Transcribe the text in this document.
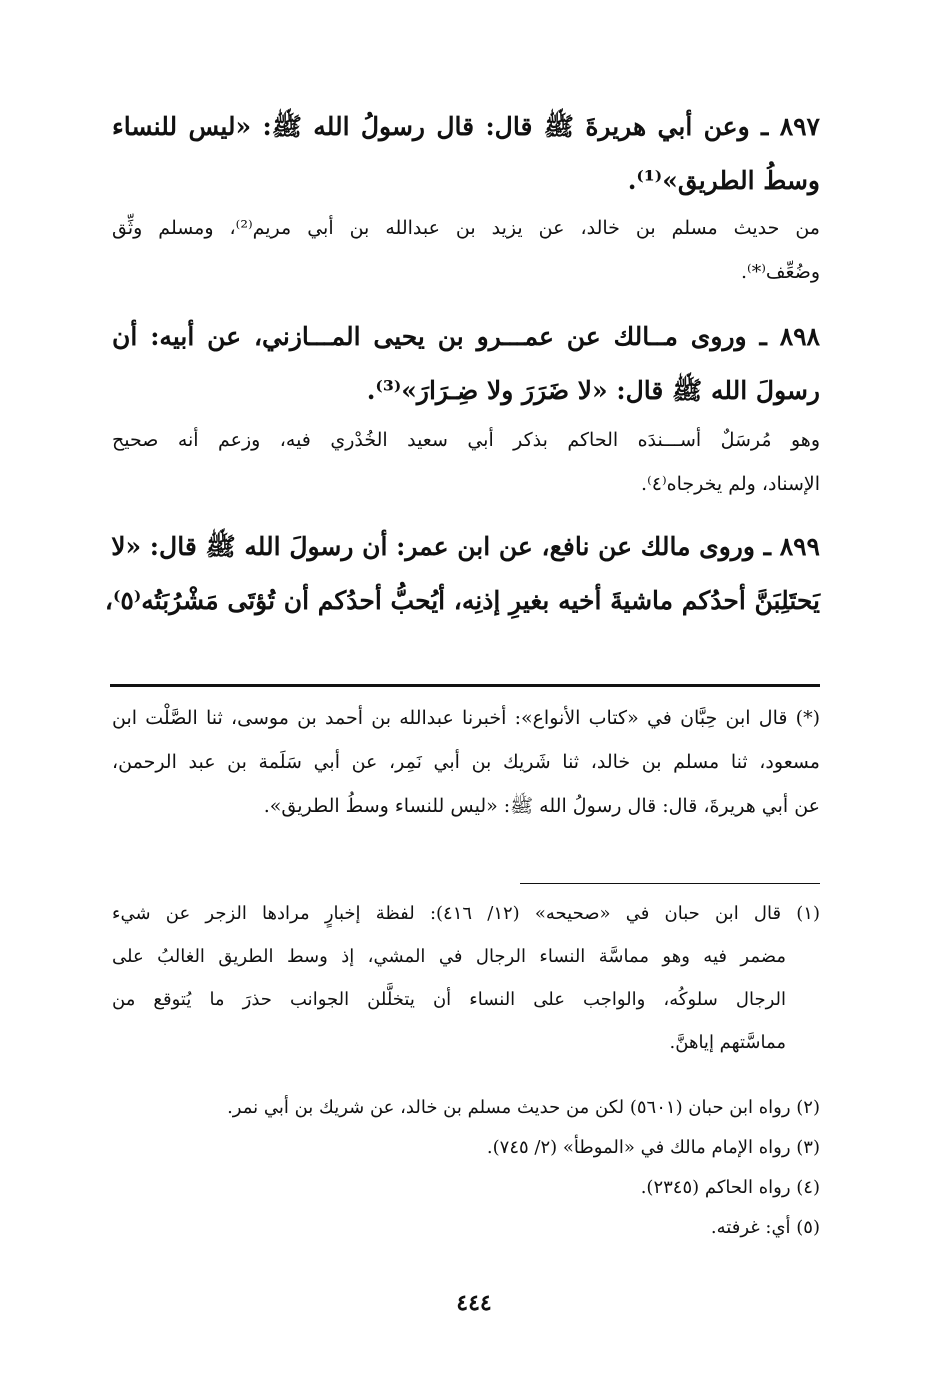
٨٩٧ ـ وعن أبي هريرةَ ﷺ قال: قال رسولُ الله ﷺ: «ليس للنساء
وسطُ الطريق»⁽¹⁾.
من حديث مسلم بن خالد، عن يزيد بن عبدالله بن أبي مريم⁽²⁾، ومسلم وثِّق
وضُعِّف⁽*⁾.
٨٩٨ ـ وروى مــالك عن عمـــرو بن يحيى المـــازني، عن أبيه: أن
رسولَ الله ﷺ قال: «لا ضَرَرَ ولا ضِـرَارَ»⁽³⁾.
وهو مُرسَلٌ أســـندَه الحاكم بذكر أبي سعيد الخُدْري فيه، وزعم أنه صحيح
الإسناد، ولم يخرجاه⁽٤⁾.
٨٩٩ ـ وروى مالك عن نافع، عن ابن عمر: أن رسولَ الله ﷺ قال: «لا
يَحتَلِبَنَّ أحدُكم ماشيةَ أخيه بغيرِ إذنِه، أيُحبُّ أحدُكم أن تُؤتَى مَشْرُبَتُه⁽٥⁾،
(*) قال ابن حِبَّان في «كتاب الأنواع»: أخبرنا عبدالله بن أحمد بن موسى، ثنا الصَّلْت ابن
مسعود، ثنا مسلم بن خالد، ثنا شَريك بن أبي نَمِر، عن أبي سَلَمة بن عبد الرحمن،
عن أبي هريرةَ، قال: قال رسولُ الله ﷺ: «ليس للنساء وسطُ الطريق».
(١) قال ابن حبان في «صحيحه» (١٢/ ٤١٦): لفظة إخبارٍ مرادها الزجر عن شيء
مضمر فيه وهو مماسَّة النساء الرجال في المشي، إذ وسط الطريق الغالبُ على
الرجال سلوكُه، والواجب على النساء أن يتخلَّلن الجوانب حذرَ ما يُتوقع من
مماسَّتهم إياهنَّ.
(٢) رواه ابن حبان (٥٦٠١) لكن من حديث مسلم بن خالد، عن شريك بن أبي نمر.
(٣) رواه الإمام مالك في «الموطأ» (٢/ ٧٤٥).
(٤) رواه الحاكم (٢٣٤٥).
(٥) أي: غرفته.
٤٤٤
